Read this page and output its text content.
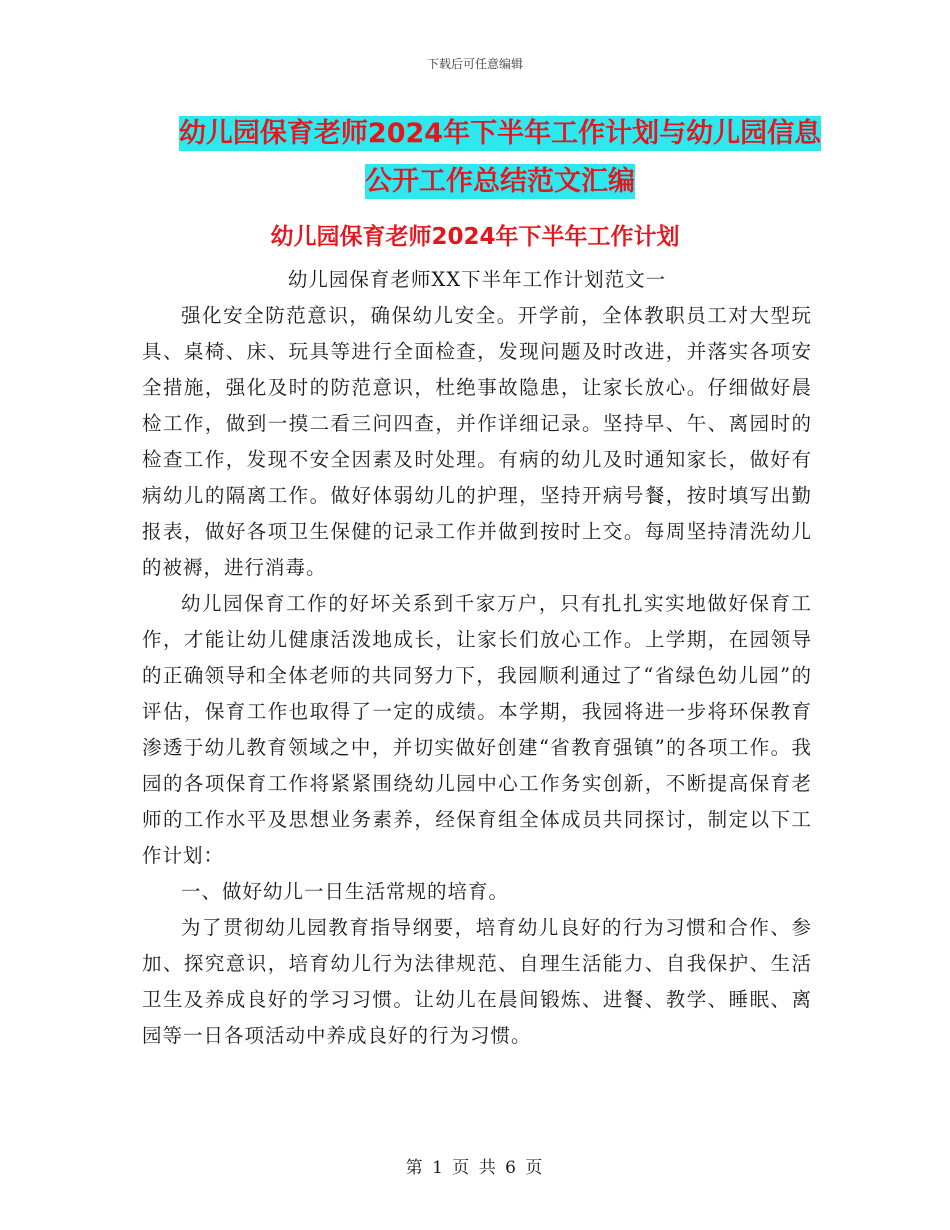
下载后可任意编辑
幼儿园保育老师2024年下半年工作计划与幼儿园信息
公开工作总结范文汇编
幼儿园保育老师2024年下半年工作计划

幼儿园保育老师XX下半年工作计划范文一

强化安全防范意识，确保幼儿安全。开学前，全体教职员工对大型玩具、桌椅、床、玩具等进行全面检查，发现问题及时改进，并落实各项安全措施，强化及时的防范意识，杜绝事故隐患，让家长放心。仔细做好晨检工作，做到一摸二看三问四查，并作详细记录。坚持早、午、离园时的检查工作，发现不安全因素及时处理。有病的幼儿及时通知家长，做好有病幼儿的隔离工作。做好体弱幼儿的护理，坚持开病号餐，按时填写出勤报表，做好各项卫生保健的记录工作并做到按时上交。每周坚持清洗幼儿的被褥，进行消毒。

幼儿园保育工作的好坏关系到千家万户，只有扎扎实实地做好保育工作，才能让幼儿健康活泼地成长，让家长们放心工作。上学期，在园领导的正确领导和全体老师的共同努力下，我园顺利通过了“省绿色幼儿园”的评估，保育工作也取得了一定的成绩。本学期，我园将进一步将环保教育渗透于幼儿教育领域之中，并切实做好创建“省教育强镇”的各项工作。我园的各项保育工作将紧紧围绕幼儿园中心工作务实创新，不断提高保育老师的工作水平及思想业务素养，经保育组全体成员共同探讨，制定以下工作计划：

一、做好幼儿一日生活常规的培育。

为了贯彻幼儿园教育指导纲要，培育幼儿良好的行为习惯和合作、参加、探究意识，培育幼儿行为法律规范、自理生活能力、自我保护、生活卫生及养成良好的学习习惯。让幼儿在晨间锻炼、进餐、教学、睡眠、离园等一日各项活动中养成良好的行为习惯。

第 1 页 共 6 页
